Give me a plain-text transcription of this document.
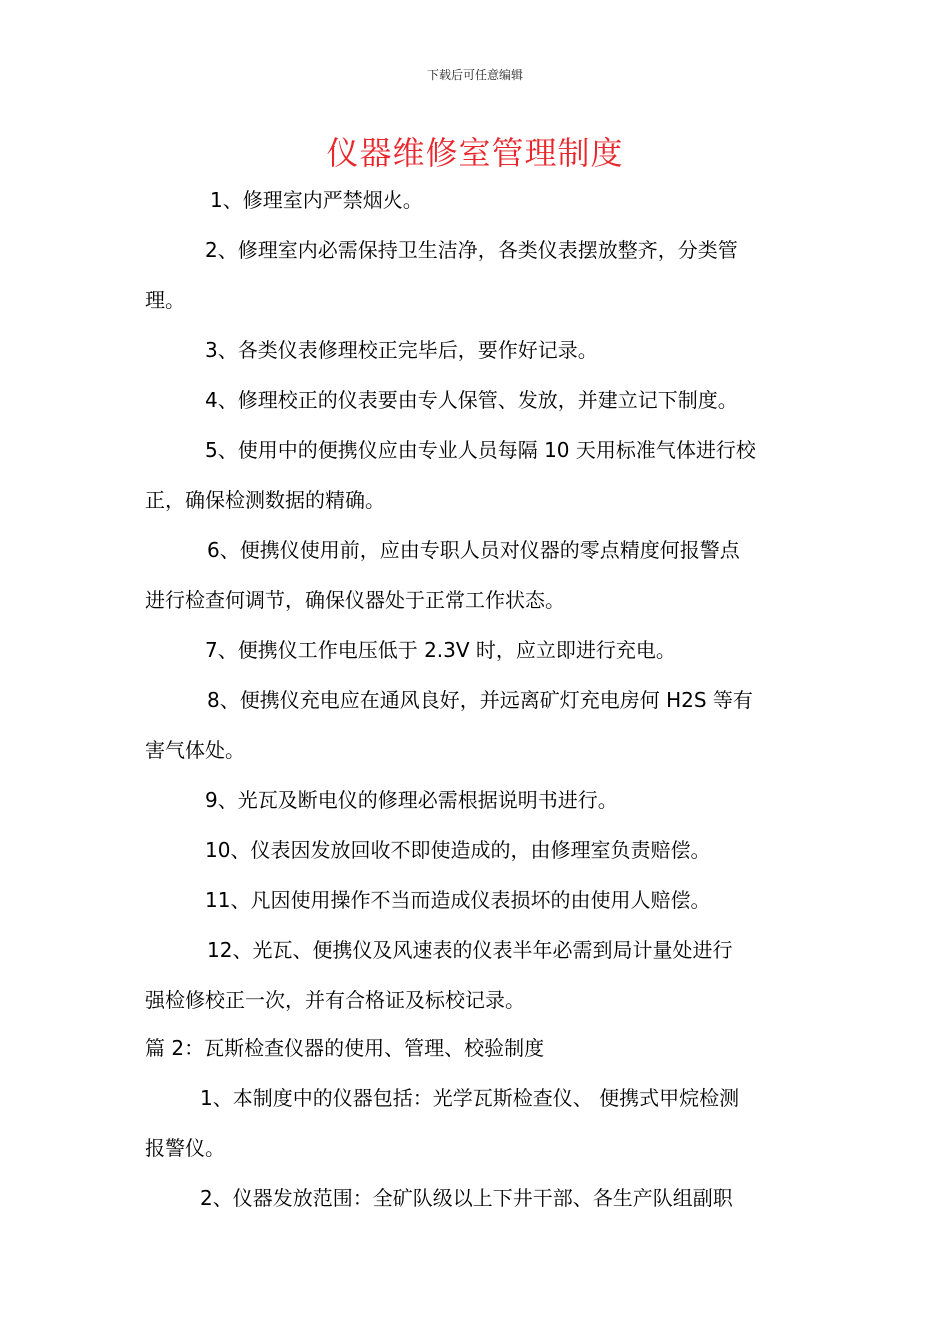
下载后可任意编辑
仪器维修室管理制度
1、修理室内严禁烟火。
2、修理室内必需保持卫生洁净，各类仪表摆放整齐，分类管
理。
3、各类仪表修理校正完毕后，要作好记录。
4、修理校正的仪表要由专人保管、发放，并建立记下制度。
5、使用中的便携仪应由专业人员每隔 10 天用标准气体进行校
正，确保检测数据的精确。
6、便携仪使用前，应由专职人员对仪器的零点精度何报警点
进行检查何调节，确保仪器处于正常工作状态。
7、便携仪工作电压低于 2.3V 时，应立即进行充电。
8、便携仪充电应在通风良好，并远离矿灯充电房何 H2S 等有
害气体处。
9、光瓦及断电仪的修理必需根据说明书进行。
10、仪表因发放回收不即使造成的，由修理室负责赔偿。
11、凡因使用操作不当而造成仪表损坏的由使用人赔偿。
12、光瓦、便携仪及风速表的仪表半年必需到局计量处进行
强检修校正一次，并有合格证及标校记录。
篇 2：瓦斯检查仪器的使用、管理、校验制度
1、本制度中的仪器包括：光学瓦斯检查仪、 便携式甲烷检测
报警仪。
2、仪器发放范围：全矿队级以上下井干部、各生产队组副职
